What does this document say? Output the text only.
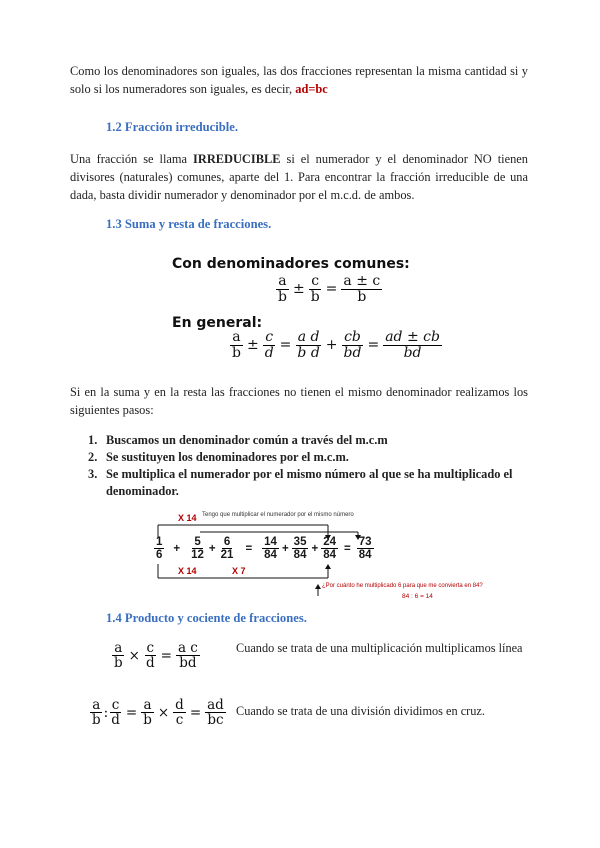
Como los denominadores son iguales, las dos fracciones representan la misma cantidad si y solo si los numeradores son iguales, es decir, ad=bc

1.2 Fracción irreducible.

Una fracción se llama IRREDUCIBLE si el numerador y el denominador NO tienen divisores (naturales) comunes, aparte del 1. Para encontrar la fracción irreducible de una dada, basta dividir numerador y denominador por el m.c.d. de ambos.

1.3 Suma y resta de fracciones.
Con denominadores comunes:
$\frac{a}{b} \pm \frac{c}{b} = \frac{a \pm c}{b}$
En general:
$\frac{a}{b} \pm \frac{c}{d} = \frac{\text{a d}}{\text{b d}} + \frac{cb}{bd} = \frac{ad \pm cb}{bd}$

Si en la suma y en la resta las fracciones no tienen el mismo denominador realizamos los siguientes pasos:

1. Buscamos un denominador común a través del m.c.m
2. Se sustituyen los denominadores por el m.c.m.
3. Se multiplica el numerador por el mismo número al que se ha multiplicado el denominador.
X 14 Tengo que multiplicar el numerador por el mismo número
$\frac{1}{6} + \frac{5}{12} + \frac{6}{21} = \frac{14}{84} + \frac{35}{84} + \frac{24}{84} = \frac{73}{84}$
X 14	X 7
¿Por cuánto he multiplicado 6 para que me convierta en 84?
84 : 6 = 14
1.4 Producto y cociente de fracciones.
$\frac{a}{b} \times \frac{c}{d} = \frac{\text{a c}}{bd}$	Cuando se trata de una multiplicación multiplicamos línea
$\frac{a}{b}$ : $\frac{c}{d} = \frac{a}{b} \times \frac{d}{c} = \frac{ad}{bc}$ Cuando se trata de una división dividimos en cruz.
